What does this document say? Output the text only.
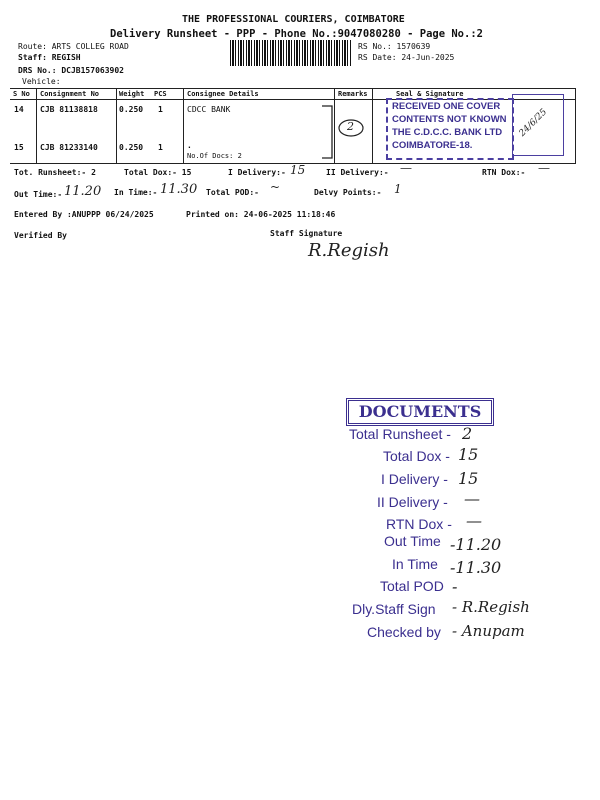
THE PROFESSIONAL COURIERS, COIMBATORE
Delivery Runsheet - PPP - Phone No.:9047080280 - Page No.:2
Route: ARTS COLLEG ROAD
Staff: REGISH
DRS No.: DCJB157063902
Vehicle:
RS No.: 1570639
RS Date: 24-Jun-2025
S No Consignment No	Weight PCS	Consignee Details	Remarks	Seal & Signature
14 CJB 81138818	0.250 1	CDCC BANK
15 CJB 81233140	0.250 1	.
No.Of Docs: 2
2
RECEIVED ONE COVER
CONTENTS NOT KNOWN
THE C.D.C.C. BANK LTD
COIMBATORE-18.
24/6/25
Tot. Runsheet:- 2	Total Dox:- 15	I Delivery:- 15	II Delivery:- —	RTN Dox:- —
Out Time:- 11.20 In Time:- 11.30 Total POD:- ~	Delvy Points:- 1
Entered By :ANUPPP 06/24/2025	Printed on: 24-06-2025 11:18:46
Verified By	Staff Signature
R.Regish
DOCUMENTS
Total Runsheet - 2
Total Dox - 15
I Delivery - 15
II Delivery - —
RTN Dox - —
Out Time -11.20
In Time -11.30
Total POD -
Dly.Staff Sign - R.Regish
Checked by - Anupam
